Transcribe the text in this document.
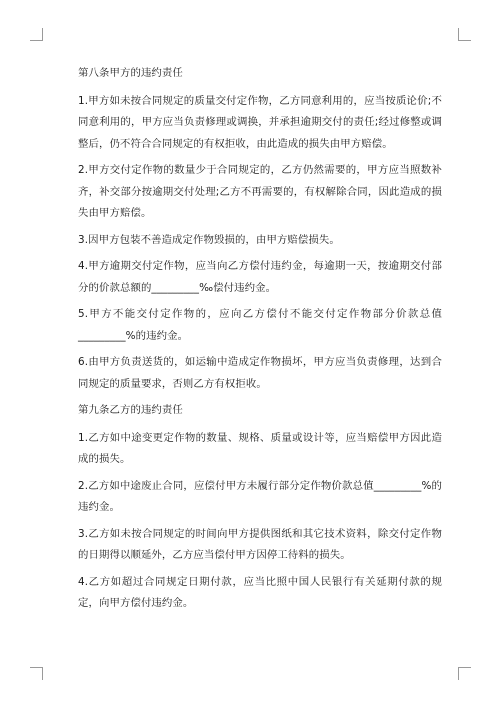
第八条甲方的违约责任

1.甲方如未按合同规定的质量交付定作物，乙方同意利用的，应当按质论价;不同意利用的，甲方应当负责修理或调换，并承担逾期交付的责任;经过修整或调整后，仍不符合合同规定的有权拒收，由此造成的损失由甲方赔偿。

2.甲方交付定作物的数量少于合同规定的，乙方仍然需要的，甲方应当照数补齐，补交部分按逾期交付处理;乙方不再需要的，有权解除合同，因此造成的损失由甲方赔偿。

3.因甲方包装不善造成定作物毁损的，由甲方赔偿损失。

4.甲方逾期交付定作物，应当向乙方偿付违约金，每逾期一天，按逾期交付部分的价款总额的_________‰偿付违约金。

5.甲方不能交付定作物的，应向乙方偿付不能交付定作物部分价款总值_________%的违约金。

6.由甲方负责送货的，如运输中造成定作物损坏，甲方应当负责修理，达到合同规定的质量要求，否则乙方有权拒收。

第九条乙方的违约责任

1.乙方如中途变更定作物的数量、规格、质量或设计等，应当赔偿甲方因此造成的损失。

2.乙方如中途废止合同，应偿付甲方未履行部分定作物价款总值_________%的违约金。

3.乙方如未按合同规定的时间向甲方提供图纸和其它技术资料，除交付定作物的日期得以顺延外，乙方应当偿付甲方因停工待料的损失。

4.乙方如超过合同规定日期付款，应当比照中国人民银行有关延期付款的规定，向甲方偿付违约金。
